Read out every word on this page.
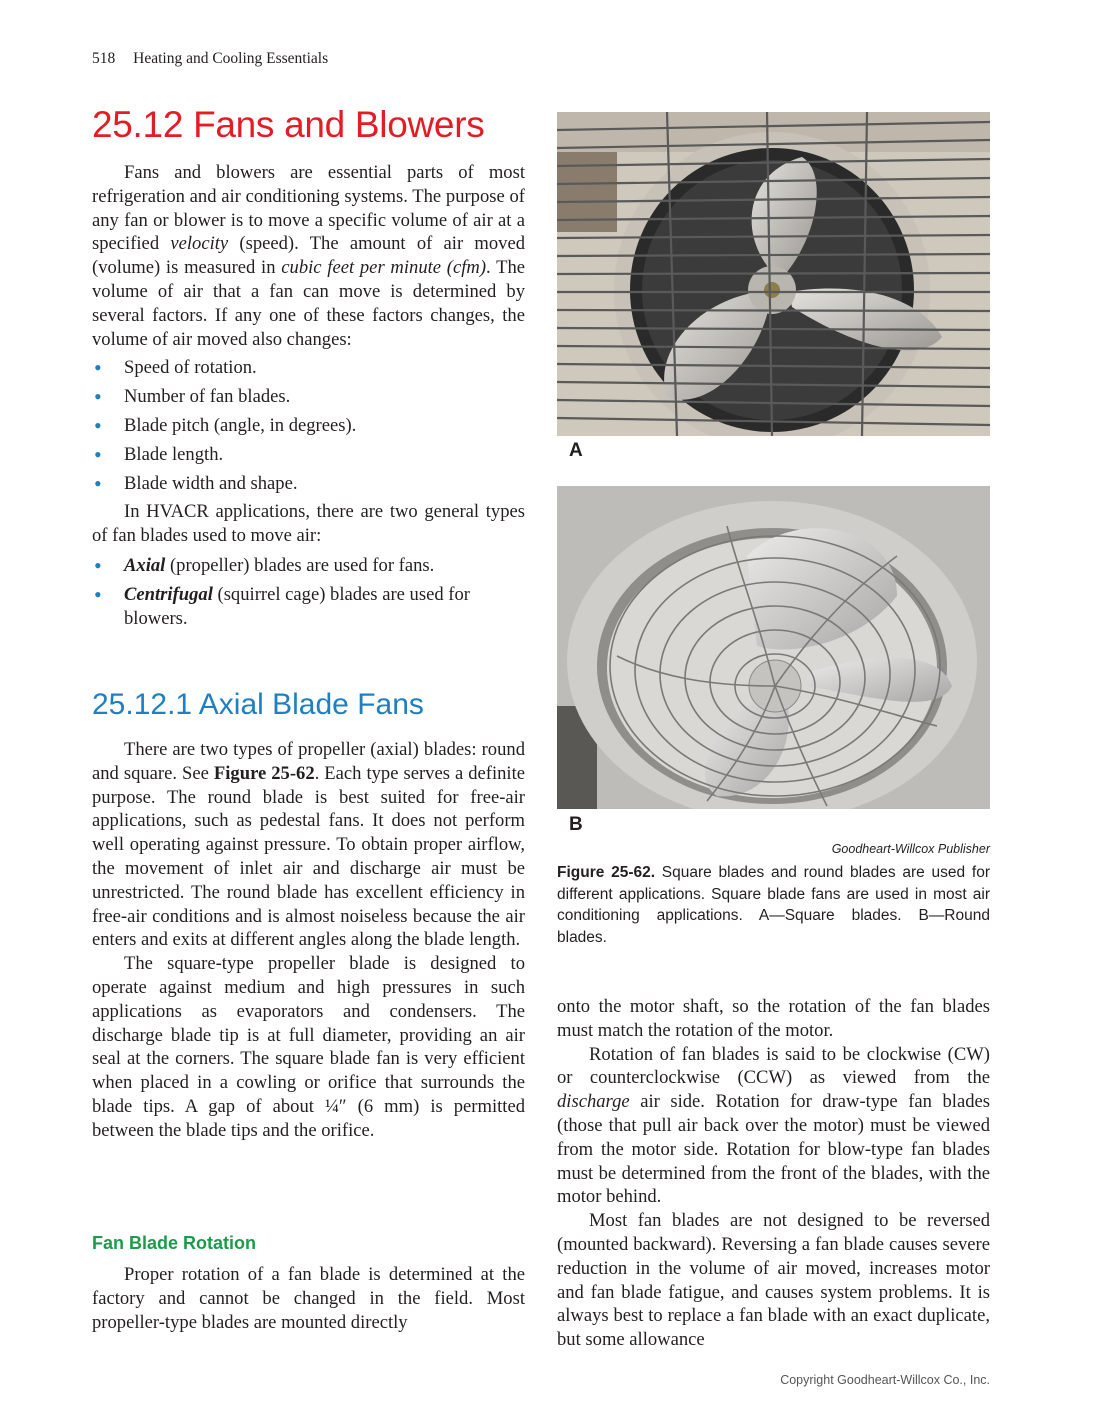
518 Heating and Cooling Essentials
25.12 Fans and Blowers

Fans and blowers are essential parts of most refrigeration and air conditioning systems. The purpose of any fan or blower is to move a specific volume of air at a specified velocity (speed). The amount of air moved (volume) is measured in cubic feet per minute (cfm). The volume of air that a fan can move is determined by several factors. If any one of these factors changes, the volume of air moved also changes:

• Speed of rotation.
• Number of fan blades.
• Blade pitch (angle, in degrees).
• Blade length.
• Blade width and shape.

In HVACR applications, there are two general types of fan blades used to move air:

• Axial (propeller) blades are used for fans.
• Centrifugal (squirrel cage) blades are used for blowers.
25.12.1 Axial Blade Fans

There are two types of propeller (axial) blades: round and square. See Figure 25-62. Each type serves a definite purpose. The round blade is best suited for free-air applications, such as pedestal fans. It does not perform well operating against pressure. To obtain proper airflow, the movement of inlet air and discharge air must be unrestricted. The round blade has excellent efficiency in free-air conditions and is almost noiseless because the air enters and exits at different angles along the blade length.

The square-type propeller blade is designed to operate against medium and high pressures in such applications as evaporators and condensers. The discharge blade tip is at full diameter, providing an air seal at the corners. The square blade fan is very efficient when placed in a cowling or orifice that surrounds the blade tips. A gap of about ¼″ (6 mm) is permitted between the blade tips and the orifice.

Fan Blade Rotation

Proper rotation of a fan blade is determined at the factory and cannot be changed in the field. Most propeller-type blades are mounted directly

onto the motor shaft, so the rotation of the fan blades must match the rotation of the motor.

Rotation of fan blades is said to be clockwise (CW) or counterclockwise (CCW) as viewed from the discharge air side. Rotation for draw-type fan blades (those that pull air back over the motor) must be viewed from the motor side. Rotation for blow-type fan blades must be determined from the front of the blades, with the motor behind.

Most fan blades are not designed to be reversed (mounted backward). Reversing a fan blade causes severe reduction in the volume of air moved, increases motor and fan blade fatigue, and causes system problems. It is always best to replace a fan blade with an exact duplicate, but some allowance

A
B
Goodheart-Willcox Publisher
Figure 25-62. Square blades and round blades are used for different applications. Square blade fans are used in most air conditioning applications. A—Square blades. B—Round blades.
Copyright Goodheart-Willcox Co., Inc.
